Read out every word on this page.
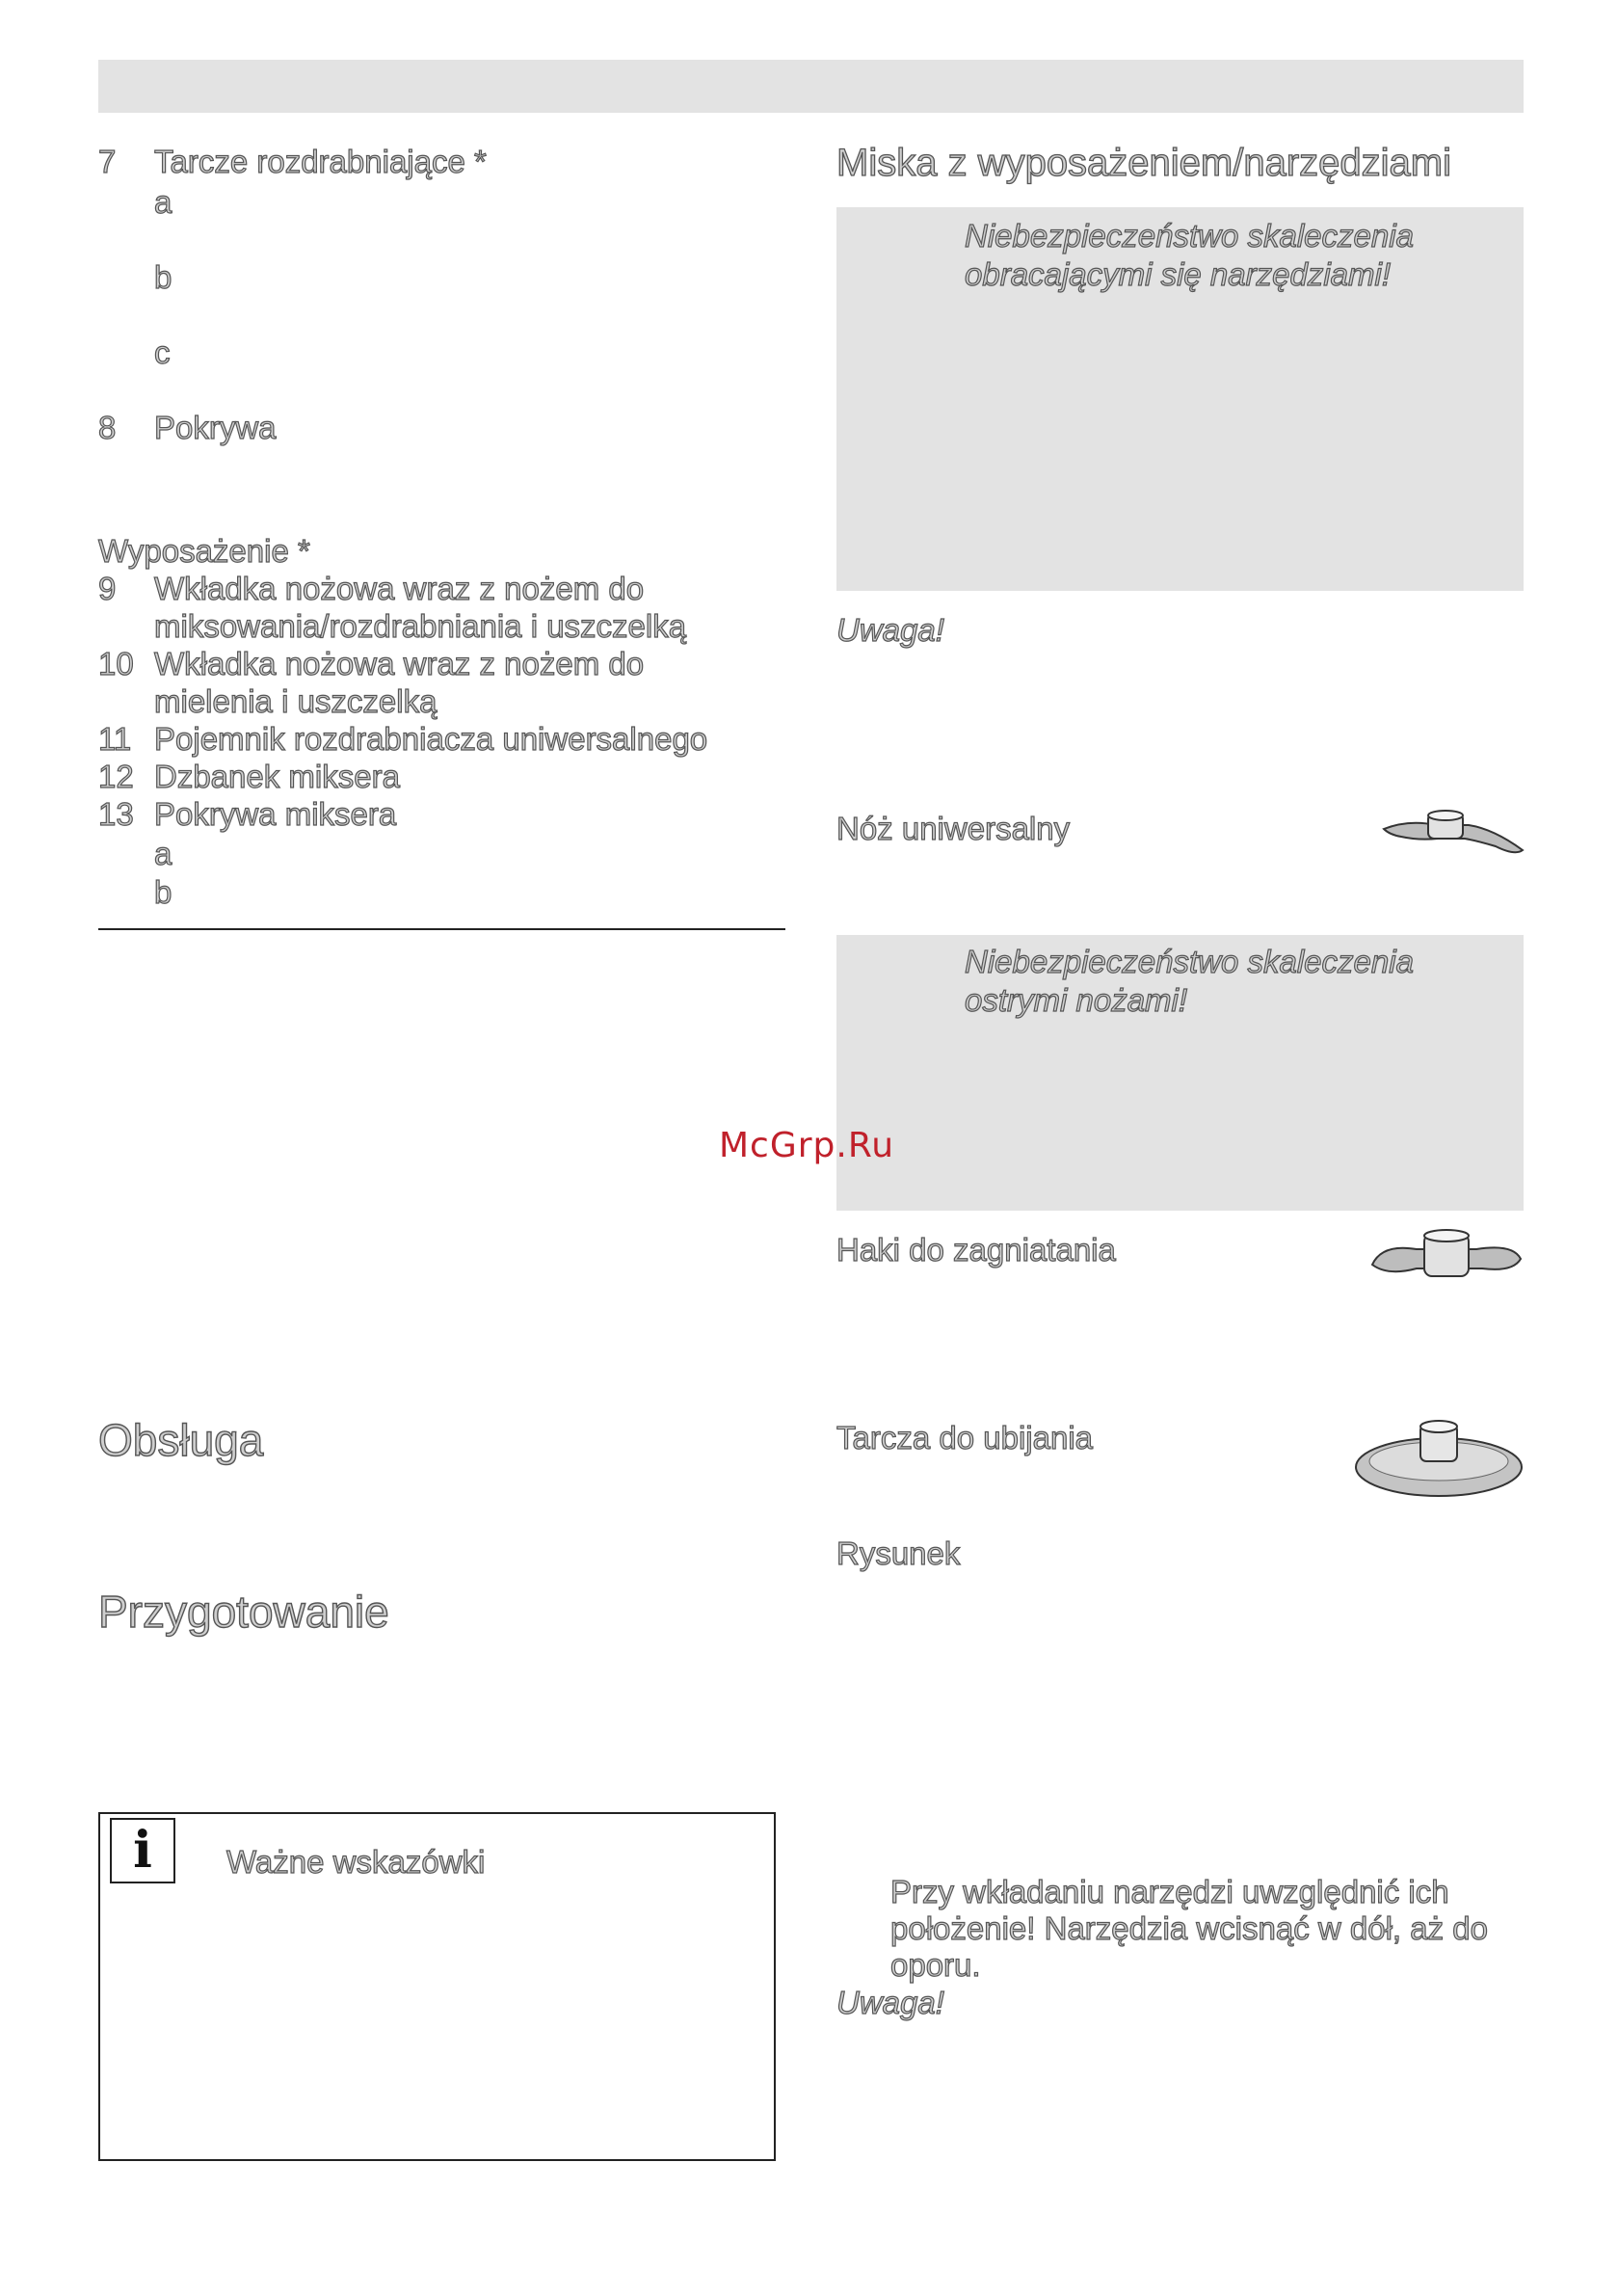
7 Tarcze rozdrabniające *
a
b
c
8 Pokrywa
Wyposażenie *
9 Wkładka nożowa wraz z nożem do
miksowania/rozdrabniania i uszczelką
10 Wkładka nożowa wraz z nożem do
mielenia i uszczelką
11 Pojemnik rozdrabniacza uniwersalnego
12 Dzbanek miksera
13 Pokrywa miksera
a
b
Obsługa
Przygotowanie
i	Ważne wskazówki
Miska z wyposażeniem/narzędziami
Niebezpieczeństwo skaleczenia
obracającymi się narzędziami!
Uwaga!
Nóż uniwersalny
Niebezpieczeństwo skaleczenia
ostrymi nożami!
McGrp.Ru
Haki do zagniatania
Tarcza do ubijania
Rysunek
Przy wkładaniu narzędzi uwzględnić ich
położenie! Narzędzia wcisnąć w dół, aż do
oporu.
Uwaga!
